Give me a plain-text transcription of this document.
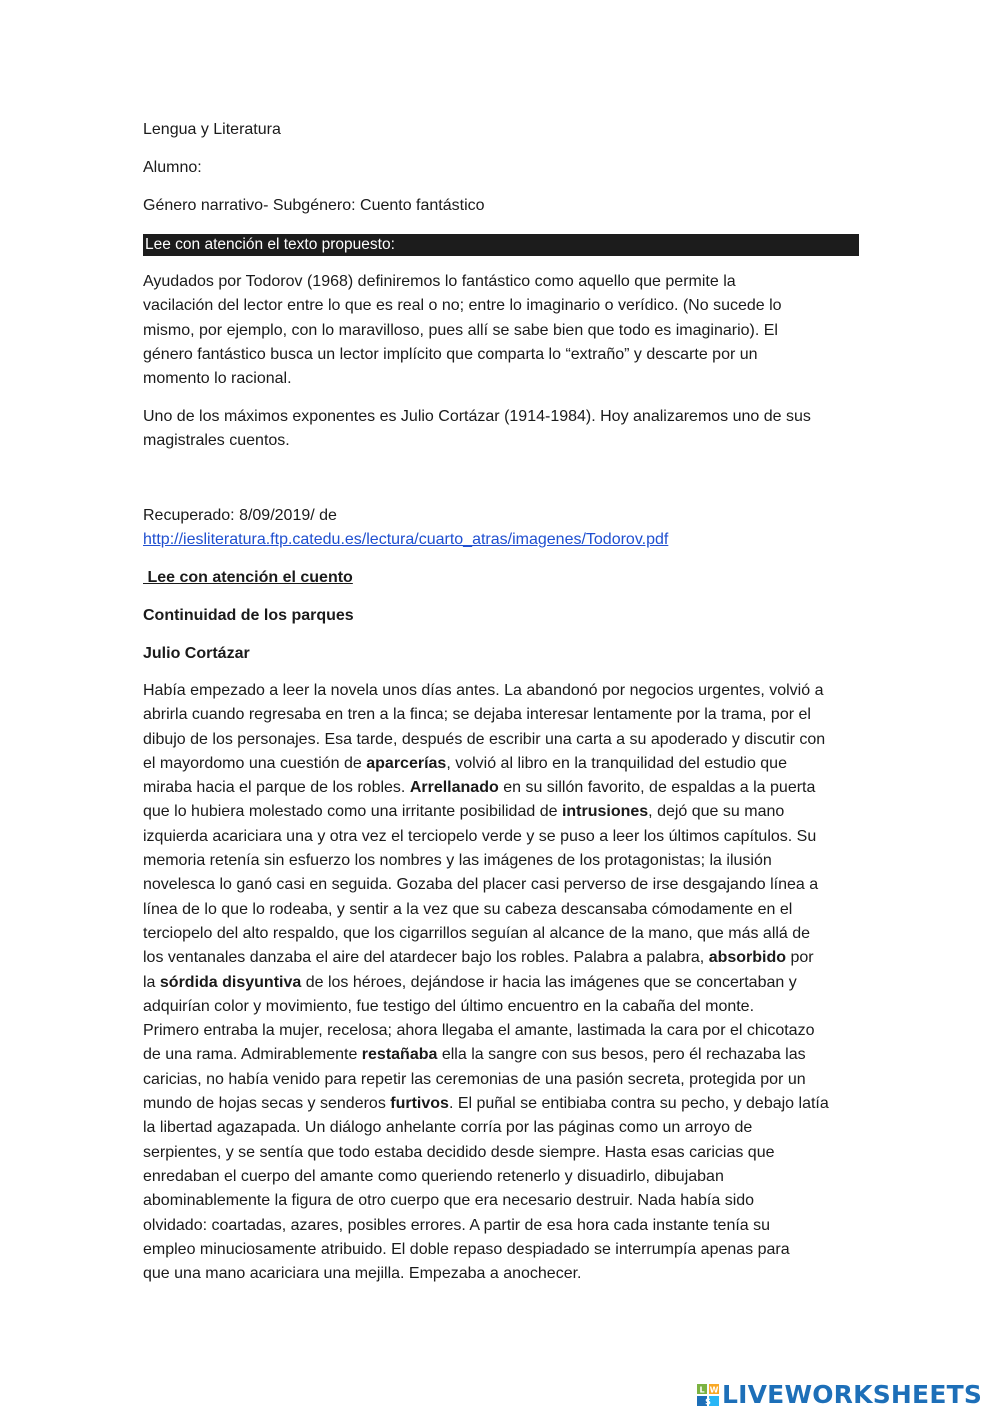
Lengua y Literatura
Alumno:
Género narrativo- Subgénero: Cuento fantástico
Lee con atención el texto propuesto:
Ayudados por Todorov (1968) definiremos lo fantástico como aquello que permite la
vacilación del lector entre lo que es real o no; entre lo imaginario o verídico. (No sucede lo
mismo, por ejemplo, con lo maravilloso, pues allí se sabe bien que todo es imaginario). El
género fantástico busca un lector implícito que comparta lo “extraño” y descarte por un
momento lo racional.
Uno de los máximos exponentes es Julio Cortázar (1914-1984). Hoy analizaremos uno de sus
magistrales cuentos.
Recuperado: 8/09/2019/ de
http://iesliteratura.ftp.catedu.es/lectura/cuarto_atras/imagenes/Todorov.pdf
Lee con atención el cuento
Continuidad de los parques
Julio Cortázar
Había empezado a leer la novela unos días antes. La abandonó por negocios urgentes, volvió a
abrirla cuando regresaba en tren a la finca; se dejaba interesar lentamente por la trama, por el
dibujo de los personajes. Esa tarde, después de escribir una carta a su apoderado y discutir con
el mayordomo una cuestión de aparcerías, volvió al libro en la tranquilidad del estudio que
miraba hacia el parque de los robles. Arrellanado en su sillón favorito, de espaldas a la puerta
que lo hubiera molestado como una irritante posibilidad de intrusiones, dejó que su mano
izquierda acariciara una y otra vez el terciopelo verde y se puso a leer los últimos capítulos. Su
memoria retenía sin esfuerzo los nombres y las imágenes de los protagonistas; la ilusión
novelesca lo ganó casi en seguida. Gozaba del placer casi perverso de irse desgajando línea a
línea de lo que lo rodeaba, y sentir a la vez que su cabeza descansaba cómodamente en el
terciopelo del alto respaldo, que los cigarrillos seguían al alcance de la mano, que más allá de
los ventanales danzaba el aire del atardecer bajo los robles. Palabra a palabra, absorbido por
la sórdida disyuntiva de los héroes, dejándose ir hacia las imágenes que se concertaban y
adquirían color y movimiento, fue testigo del último encuentro en la cabaña del monte.
Primero entraba la mujer, recelosa; ahora llegaba el amante, lastimada la cara por el chicotazo
de una rama. Admirablemente restañaba ella la sangre con sus besos, pero él rechazaba las
caricias, no había venido para repetir las ceremonias de una pasión secreta, protegida por un
mundo de hojas secas y senderos furtivos. El puñal se entibiaba contra su pecho, y debajo latía
la libertad agazapada. Un diálogo anhelante corría por las páginas como un arroyo de
serpientes, y se sentía que todo estaba decidido desde siempre. Hasta esas caricias que
enredaban el cuerpo del amante como queriendo retenerlo y disuadirlo, dibujaban
abominablemente la figura de otro cuerpo que era necesario destruir. Nada había sido
olvidado: coartadas, azares, posibles errores. A partir de esa hora cada instante tenía su
empleo minuciosamente atribuido. El doble repaso despiadado se interrumpía apenas para
que una mano acariciara una mejilla. Empezaba a anochecer.
L W
S LIVEWORKSHEETS
